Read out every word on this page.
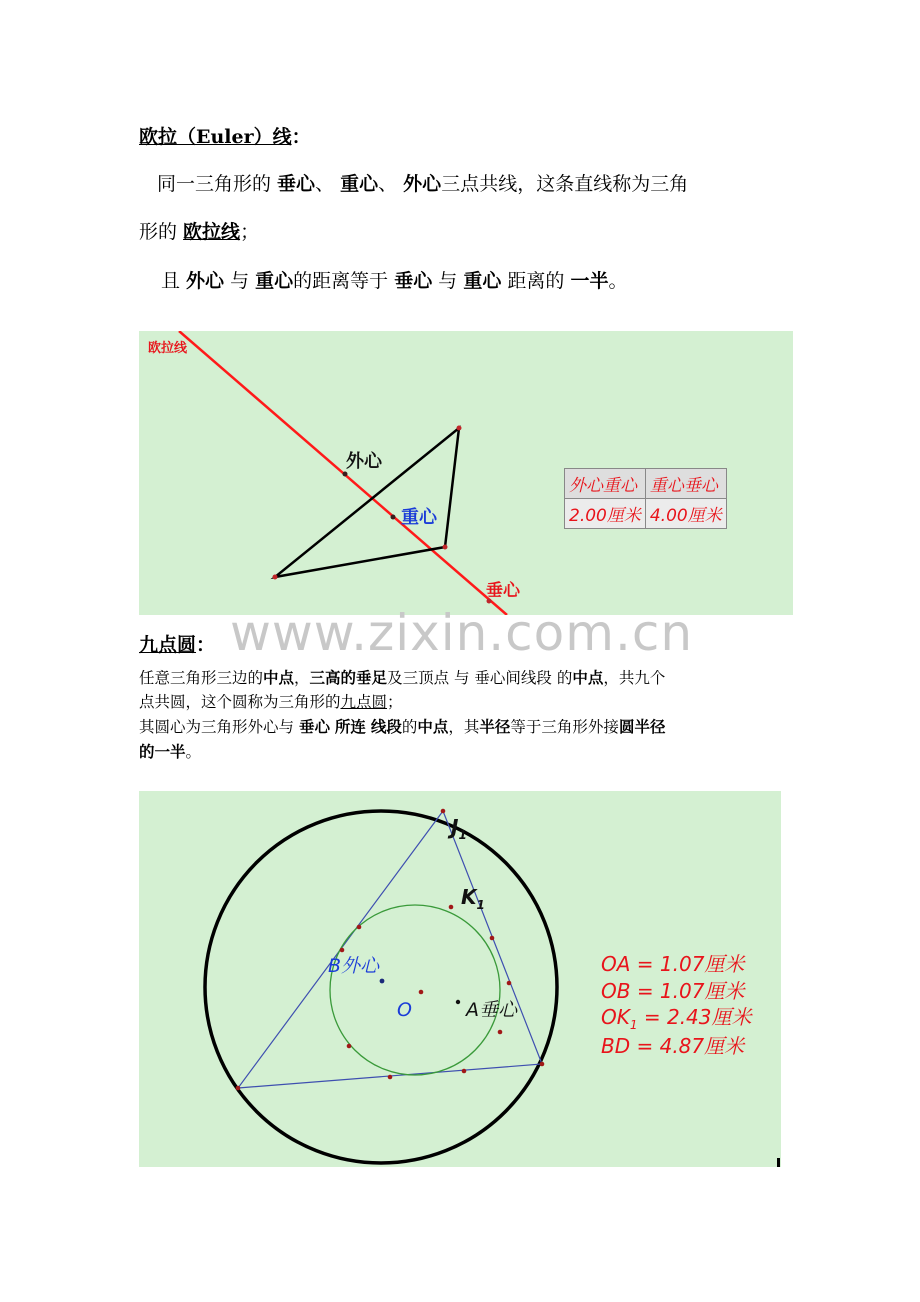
欧拉（Euler）线：
同一三角形的 垂心、 重心、 外心三点共线，这条直线称为三角
形的 欧拉线；
且 外心 与 重心的距离等于 垂心 与 重心 距离的 一半。
欧拉线
外心
重心
垂心
外心重心	重心垂心
2.00厘米	4.00厘米
www.zixin.com.cn
九点圆：
任意三角形三边的中点，三高的垂足及三顶点 与 垂心间线段 的中点，共九个
点共圆，这个圆称为三角形的九点圆；
其圆心为三角形外心与 垂心 所连 线段的中点，其半径等于三角形外接圆半径
的一半。
$J_1$
$K_1$
B外心
O	A垂心
OA = 1.07厘米
OB = 1.07厘米
$OK_1 = 2.43$厘米
BD = 4.87厘米
